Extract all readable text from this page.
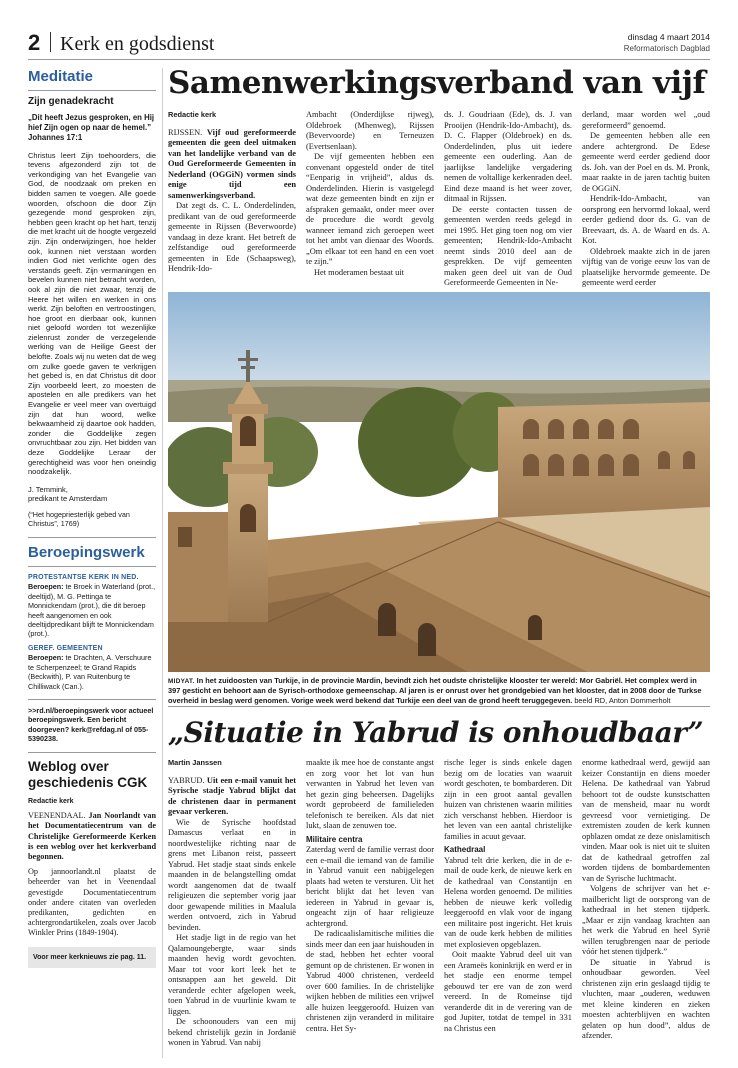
2 Kerk en godsdienst	dinsdag 4 maart 2014
Reformatorisch Dagblad
Meditatie
Zijn genadekracht
„Dit heeft Jezus gesproken, en Hij hief Zijn ogen op naar de hemel.”
Johannes 17:1
Christus leert Zijn toehoorders, die tevens afgezonderd zijn tot de verkondiging van het Evangelie van God, de noodzaak om preken en bidden samen te voegen. Alle goede woorden, ofschoon die door Zijn gezegende mond gesproken zijn, hebben geen kracht op het hart, tenzij die met kracht uit de hoogte vergezeld zijn. Zijn onderwijzingen, hoe helder ook, kunnen niet verstaan worden indien God niet verlichte ogen des verstands geeft. Zijn vermaningen en bevelen kunnen niet betracht worden, ook al zijn die niet zwaar, tenzij de Heere het willen en werken in ons werkt. Zijn beloften en vertroostingen, hoe groot en dierbaar ook, kunnen niet geloofd worden tot wezenlijke zielenrust zonder de verzegelende werking van de Heilige Geest der belofte. Zoals wij nu weten dat de weg om zulke goede gaven te verkrijgen het gebed is, en dat Christus dit door Zijn voorbeeld leert, zo moesten de apostelen en alle predikers van het Evangelie er veel meer van overtuigd zijn dat hun woord, welke bekwaamheid zij daartoe ook hadden, zonder die Goddelijke zegen onvruchtbaar zou zijn. Het bidden van deze Goddelijke Leraar der gerechtigheid was voor hen oneindig noodzakelijk.
J. Temmink,
predikant te Amsterdam
(“Het hogepriesterlijk gebed van Christus”, 1769)
Beroepingswerk
PROTESTANTSE KERK IN NED.
Beroepen: te Broek in Waterland (prot., deeltijd), M. G. Pettinga te Monnickendam (prot.), die dit beroep heeft aangenomen en ook deeltijdpredikant blijft te Monnickendam (prot.).
GEREF. GEMEENTEN
Beroepen: te Drachten, A. Verschuure te Scherpenzeel; te Grand Rapids (Beckwith), P. van Ruitenburg te Chilliwack (Can.).
>>rd.nl/beroepingswerk voor actueel beroepingswerk. Een bericht doorgeven? kerk@refdag.nl of 055-5390238.
Weblog over geschiedenis CGK
Redactie kerk
VEENENDAAL. Jan Noorlandt van het Documentatiecentrum van de Christelijke Gereformeerde Kerken is een weblog over het kerkverband begonnen.
Op jannoorlandt.nl plaatst de beheerder van het in Veenendaal gevestigde Documentatiecentrum onder andere citaten van overleden predikanten, gedichten en achtergrondartikelen, zoals over Jacob Winkler Prins (1849-1904).
Voor meer kerknieuws zie pag. 11.
Samenwerkingsverband van vijf
Redactie kerk

RIJSSEN. Vijf oud gereformeerde gemeenten die geen deel uitmaken van het landelijke verband van de Oud Gereformeerde Gemeenten in Nederland (OGGiN) vormen sinds enige tijd een samenwerkingsverband.

Dat zegt ds. C. L. Onderdelinden, predikant van de oud gereformeerde gemeente in Rijssen (Beverwoorde) vandaag in deze krant. Het betreft de zelfstandige oud gereformeerde gemeenten in Ede (Schaapsweg), Hendrik-Ido-

Ambacht (Onderdijkse rijweg), Oldebroek (Mhenweg), Rijssen (Bevervoorde) en Terneuzen (Evertsenlaan).

De vijf gemeenten hebben een convenant opgesteld onder de titel “Eenparig in vrijheid”, aldus ds. Onderdelinden. Hierin is vastgelegd wat deze gemeenten bindt en zijn er afspraken gemaakt, onder meer over de procedure die wordt gevolg wanneer iemand zich geroepen weet tot het ambt van dienaar des Woords. „Om elkaar tot een hand en een voet te zijn.”

Het moderamen bestaat uit

ds. J. Goudriaan (Ede), ds. J. van Prooijen (Hendrik-Ido-Ambacht), ds. D. C. Flapper (Oldebroek) en ds. Onderdelinden, plus uit iedere gemeente een ouderling. Aan de jaarlijkse landelijke vergadering nemen de voltallige kerkenraden deel. Eind deze maand is het weer zover, ditmaal in Rijssen.

De eerste contacten tussen de gemeenten werden reeds gelegd in mei 1995. Het ging toen nog om vier gemeenten; Hendrik-Ido-Ambacht neemt sinds 2010 deel aan de gesprekken. De vijf gemeenten maken geen deel uit van de Oud Gereformeerde Gemeenten in Ne-

derland, maar worden wel „oud gereformeerd” genoemd.

De gemeenten hebben alle een andere achtergrond. De Edese gemeente werd eerder gediend door ds. Joh. van der Poel en ds. M. Pronk, maar raakte in de jaren tachtig buiten de OGGiN.

Hendrik-Ido-Ambacht, van oorsprong een hervormd lokaal, werd eerder gediend door ds. G. van de Breevaart, ds. A. de Waard en ds. A. Kot.

Oldebroek maakte zich in de jaren vijftig van de vorige eeuw los van de plaatselijke hervormde gemeente. De gemeente werd eerder

MIDYAT. In het zuidoosten van Turkije, in de provincie Mardin, bevindt zich het oudste christelijke klooster ter wereld: Mor Gabriël. Het complex werd in 397 gesticht en behoort aan de Syrisch-orthodoxe gemeenschap. Al jaren is er onrust over het grondgebied van het klooster, dat in 2008 door de Turkse overheid in beslag werd genomen. Vorige week werd bekend dat Turkije een deel van de grond heeft teruggegeven. beeld RD, Anton Dommerholt
„Situatie in Yabrud is onhoudbaar”
Martin Janssen

YABRUD. Uit een e-mail vanuit het Syrische stadje Yabrud blijkt dat de christenen daar in permanent gevaar verkeren.

Wie de Syrische hoofdstad Damascus verlaat en in noordwestelijke richting naar de grens met Libanon reist, passeert Yabrud. Het stadje staat sinds enkele maanden in de belangstelling omdat wordt aangenomen dat de twaalf religieuzen die september vorig jaar door gewapende milities in Maalula werden ontvoerd, zich in Yabrud bevinden.

Het stadje ligt in de regio van het Qalamoungebergte, waar sinds maanden hevig wordt gevochten. Maar tot voor kort leek het te ontsnappen aan het geweld. Dit veranderde echter afgelopen week, toen Yabrud in de vuurlinie kwam te liggen.

De schoonouders van een mij bekend christelijk gezin in Jordanië wonen in Yabrud. Van nabij

maakte ik mee hoe de constante angst en zorg voor het lot van hun verwanten in Yabrud het leven van het gezin ging beheersen. Dagelijks wordt geprobeerd de familieleden telefonisch te bereiken. Als dat niet lukt, slaan de zenuwen toe.

Militaire centra

Zaterdag werd de familie verrast door een e-mail die iemand van de familie in Yabrud vanuit een nabijgelegen plaats had weten te versturen. Uit het bericht blijkt dat het leven van iedereen in Yabrud in gevaar is, ongeacht zijn of haar religieuze achtergrond.

De radicaalislamitische milities die sinds meer dan een jaar huishouden in de stad, hebben het echter vooral gemunt op de christenen. Er wonen in Yabrud 4000 christenen, verdeeld over 600 families. In de christelijke wijken hebben de milities een vrijwel alle huizen leeggeroofd. Huizen van christenen zijn veranderd in militaire centra. Het Sy-

rische leger is sinds enkele dagen bezig om de locaties van waaruit wordt geschoten, te bombarderen. Dit zijn in een groot aantal gevallen huizen van christenen waarin milities zich verschanst hebben. Hierdoor is het leven van een aantal christelijke families in acuut gevaar.

Kathedraal

Yabrud telt drie kerken, die in de e-mail de oude kerk, de nieuwe kerk en de kathedraal van Constantijn en Helena worden genoemd. De milities hebben de nieuwe kerk volledig leeggeroofd en vlak voor de ingang een militaire post ingericht. Het kruis van de oude kerk hebben de milities met explosieven opgeblazen.

Ooit maakte Yabrud deel uit van een Arameës koninkrijk en werd er in het stadje een enorme tempel gebouwd ter ere van de zon werd vereerd. In de Romeinse tijd veranderde dit in de verering van de god Jupiter, totdat de tempel in 331 na Christus een

enorme kathedraal werd, gewijd aan keizer Constantijn en diens moeder Helena. De kathedraal van Yabrud behoort tot de oudste kunstschatten van de mensheid, maar nu wordt gevreesd voor vernietiging. De extremisten zouden de kerk kunnen opblazen omdat ze deze onislamitisch vinden. Maar ook is niet uit te sluiten dat de kathedraal getroffen zal worden tijdens de bombardementen van de Syrische luchtmacht.

Volgens de schrijver van het e-mailbericht ligt de oorsprong van de kathedraal in het stenen tijdperk. „Maar er zijn vandaag krachten aan het werk die Yabrud en heel Syrië willen terugbrengen naar de periode vóór het stenen tijdperk.”

De situatie in Yabrud is onhoudbaar geworden. Veel christenen zijn erin geslaagd tijdig te vluchten, maar „ouderen, weduwen met kleine kinderen en zieken moesten achterblijven en wachten gelaten op hun dood”, aldus de afzender.
